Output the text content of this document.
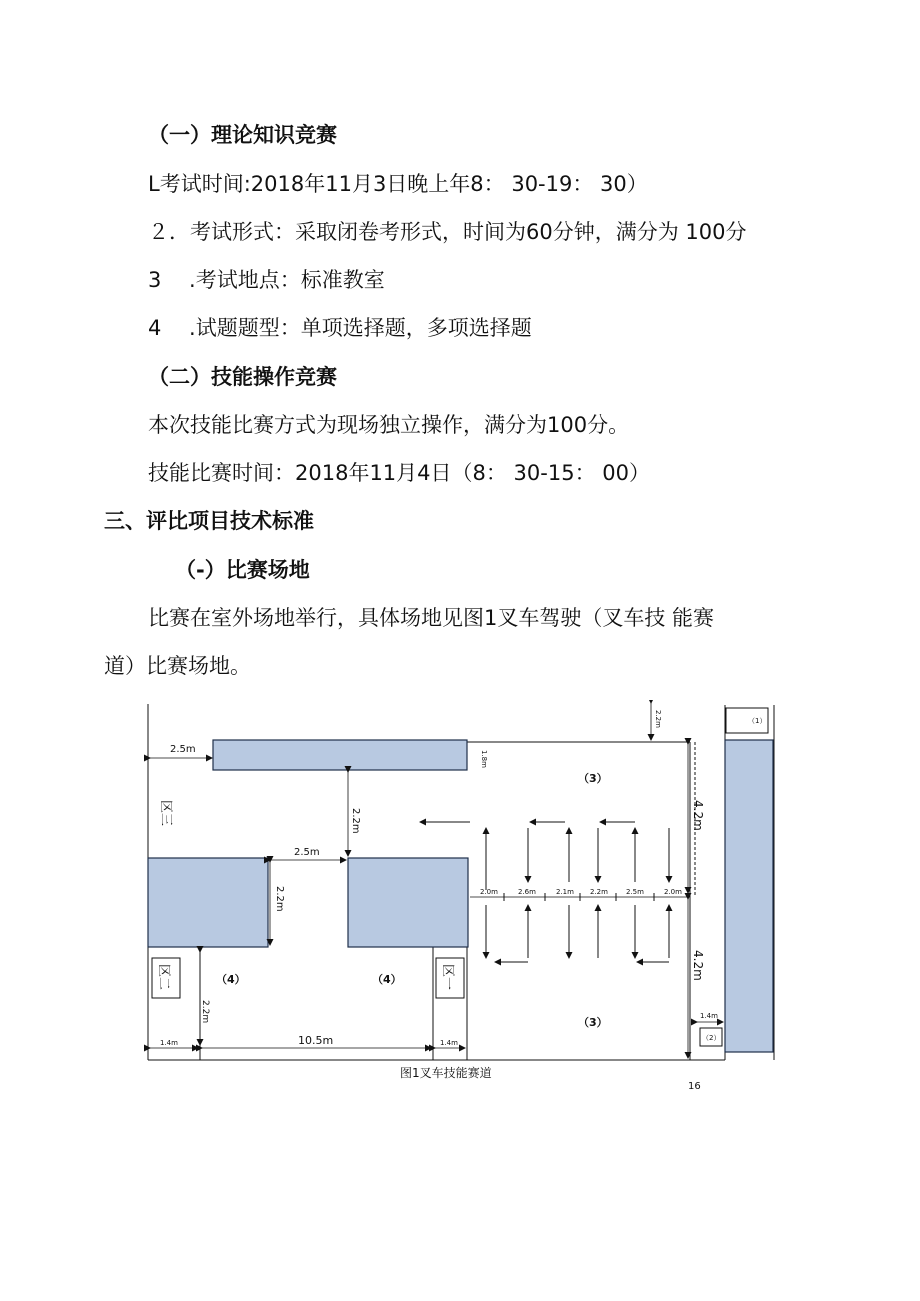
（一）理论知识竞赛
L考试时间:2018年11月3日晚上年8： 30-19： 30）
２．考试形式：采取闭卷考形式，时间为60分钟，满分为 100分
3　 .考试地点：标准教室
4　 .试题题型：单项选择题，多项选择题
（二）技能操作竞赛
本次技能比赛方式为现场独立操作，满分为100分。
技能比赛时间：2018年11月4日（8： 30-15： 00）
三、评比项目技术标准
（-）比赛场地
比赛在室外场地举行，具体场地见图1叉车驾驶（叉车技 能赛
道）比赛场地。
2.5m
2.5m
1.4m	10.5m	1.4m
1.4m
1.8m
2.2m
2.2m
2.2m
2.2m
4.2m
4.2m
2.0m	2.6m	2.1m 2.2m	2.5m	2.0m
（3）
（3）
（4）	（4）
（1）
（2）
区三
区二	区一
图1叉车技能赛道
16
